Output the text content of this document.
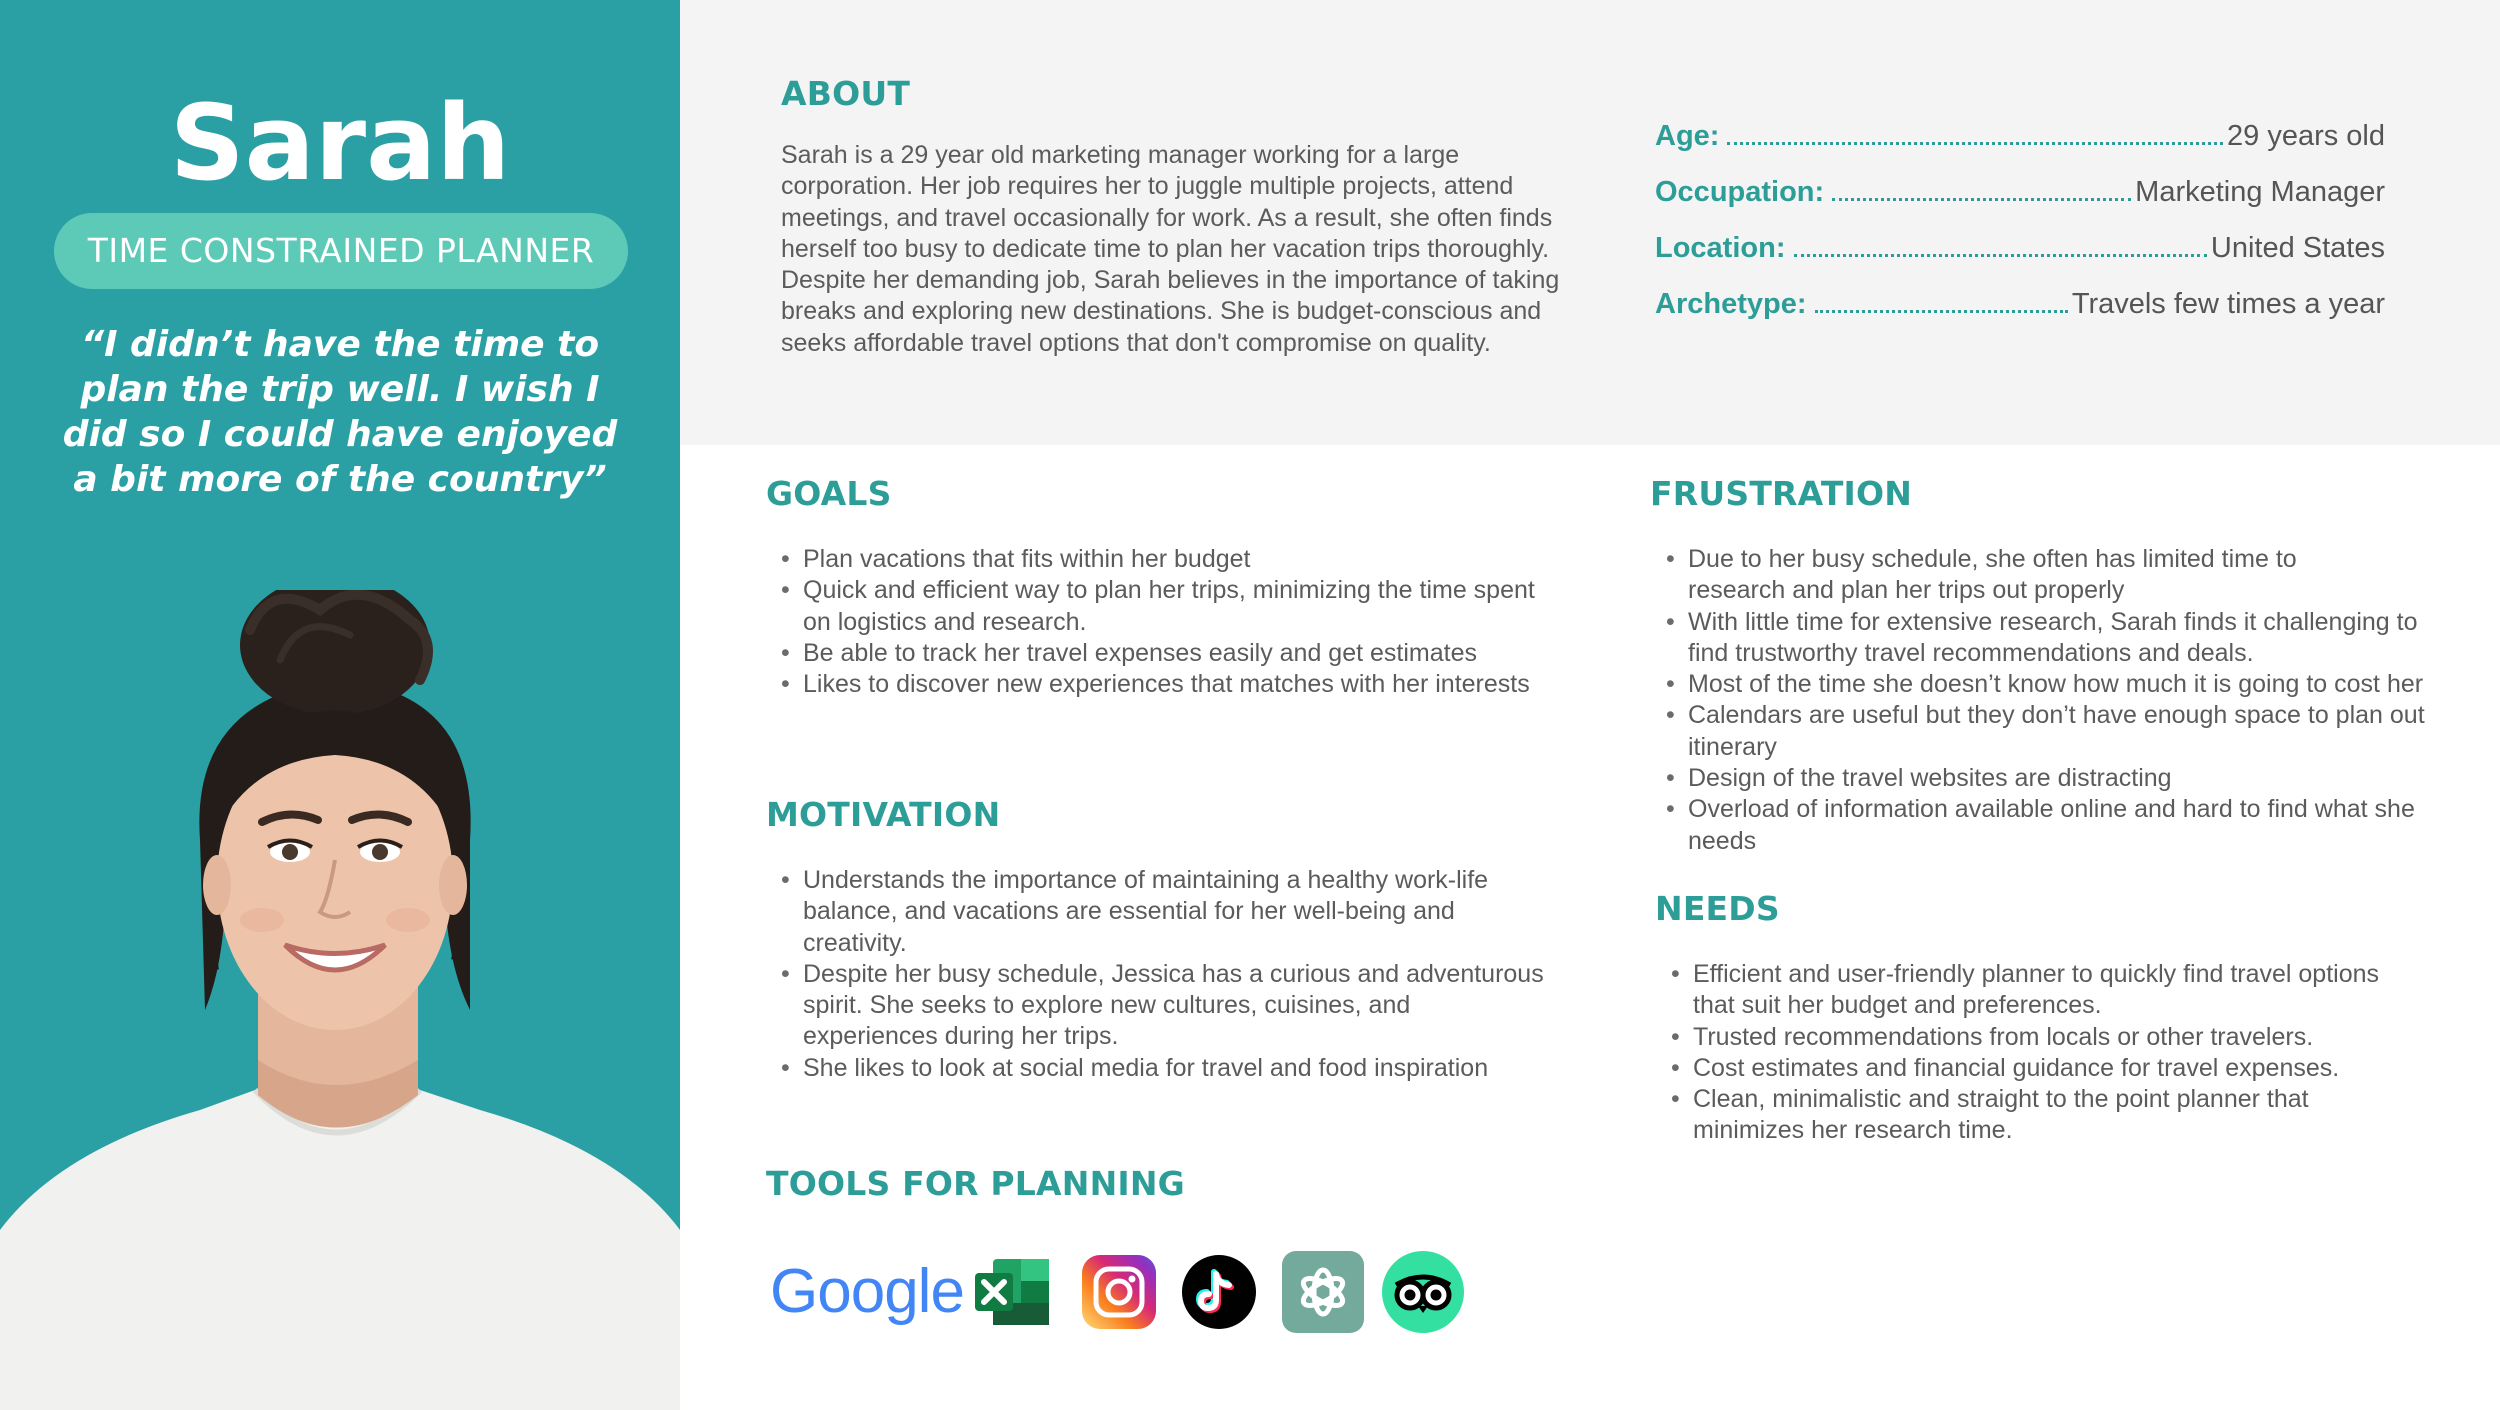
Sarah
TIME CONSTRAINED PLANNER
“I didn’t have the time to plan the trip well. I wish I did so I could have enjoyed a bit more of the country”
ABOUT

Sarah is a 29 year old marketing manager working for a large corporation. Her job requires her to juggle multiple projects, attend meetings, and travel occasionally for work. As a result, she often finds herself too busy to dedicate time to plan her vacation trips thoroughly. Despite her demanding job, Sarah believes in the importance of taking breaks and exploring new destinations. She is budget-conscious and seeks affordable travel options that don't compromise on quality.

Age:	29 years old
Occupation:	Marketing Manager
Location:	United States
Archetype:	Travels few times a year
GOALS
• Plan vacations that fits within her budget
• Quick and efficient way to plan her trips, minimizing the time spent on logistics and research.
• Be able to track her travel expenses easily and get estimates
• Likes to discover new experiences that matches with her interests
MOTIVATION
• Understands the importance of maintaining a healthy work-life balance, and vacations are essential for her well-being and creativity.
• Despite her busy schedule, Jessica has a curious and adventurous spirit. She seeks to explore new cultures, cuisines, and experiences during her trips.
• She likes to look at social media for travel and food inspiration
TOOLS FOR PLANNING
Google
FRUSTRATION
• Due to her busy schedule, she often has limited time to research and plan her trips out properly
• With little time for extensive research, Sarah finds it challenging to find trustworthy travel recommendations and deals.
• Most of the time she doesn’t know how much it is going to cost her
• Calendars are useful but they don’t have enough space to plan out itinerary
• Design of the travel websites are distracting
• Overload of information available online and hard to find what she needs
NEEDS
• Efficient and user-friendly planner to quickly find travel options that suit her budget and preferences.
• Trusted recommendations from locals or other travelers.
• Cost estimates and financial guidance for travel expenses.
• Clean, minimalistic and straight to the point planner that minimizes her research time.
